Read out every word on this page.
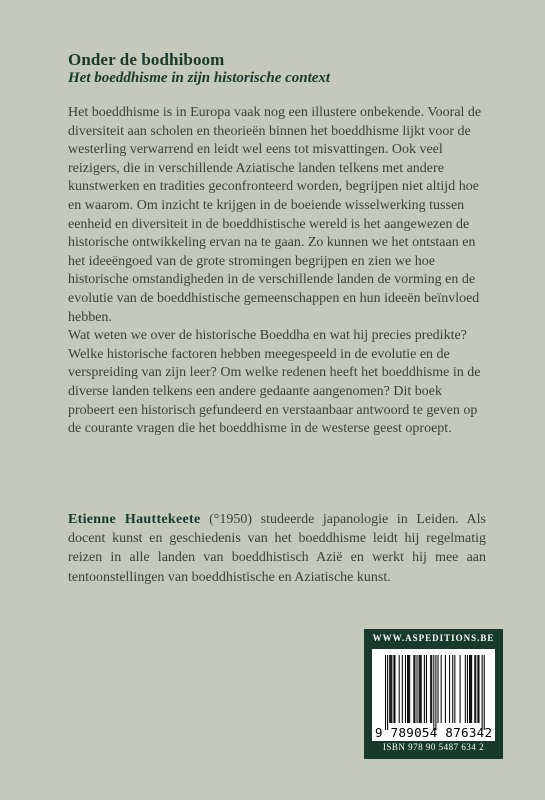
Onder de bodhiboom
Het boeddhisme in zijn historische context

Het boeddhisme is in Europa vaak nog een illustere onbekende. Vooral de diversiteit aan scholen en theorieën binnen het boeddhisme lijkt voor de westerling verwarrend en leidt wel eens tot misvattingen. Ook veel reizigers, die in verschillende Aziatische landen telkens met andere kunstwerken en tradities geconfronteerd worden, begrijpen niet altijd hoe en waarom. Om inzicht te krijgen in de boeiende wisselwerking tussen eenheid en diversiteit in de boeddhistische wereld is het aangewezen de historische ontwikkeling ervan na te gaan. Zo kunnen we het ontstaan en het ideeëngoed van de grote stromingen begrijpen en zien we hoe historische omstandigheden in de verschillende landen de vorming en de evolutie van de boeddhistische gemeenschappen en hun ideeën beïnvloed hebben.

Wat weten we over de historische Boeddha en wat hij precies predikte? Welke historische factoren hebben meegespeeld in de evolutie en de verspreiding van zijn leer? Om welke redenen heeft het boeddhisme in de diverse landen telkens een andere gedaante aangenomen? Dit boek probeert een historisch gefundeerd en verstaanbaar antwoord te geven op de courante vragen die het boeddhisme in de westerse geest oproept.

Etienne Hauttekeete (°1950) studeerde japanologie in Leiden. Als docent kunst en geschiedenis van het boeddhisme leidt hij regelmatig reizen in alle landen van boeddhistisch Azië en werkt hij mee aan tentoonstellingen van boeddhistische en Aziatische kunst.
WWW.ASPEDITIONS.BE
9 789054 876342
ISBN 978 90 5487 634 2
